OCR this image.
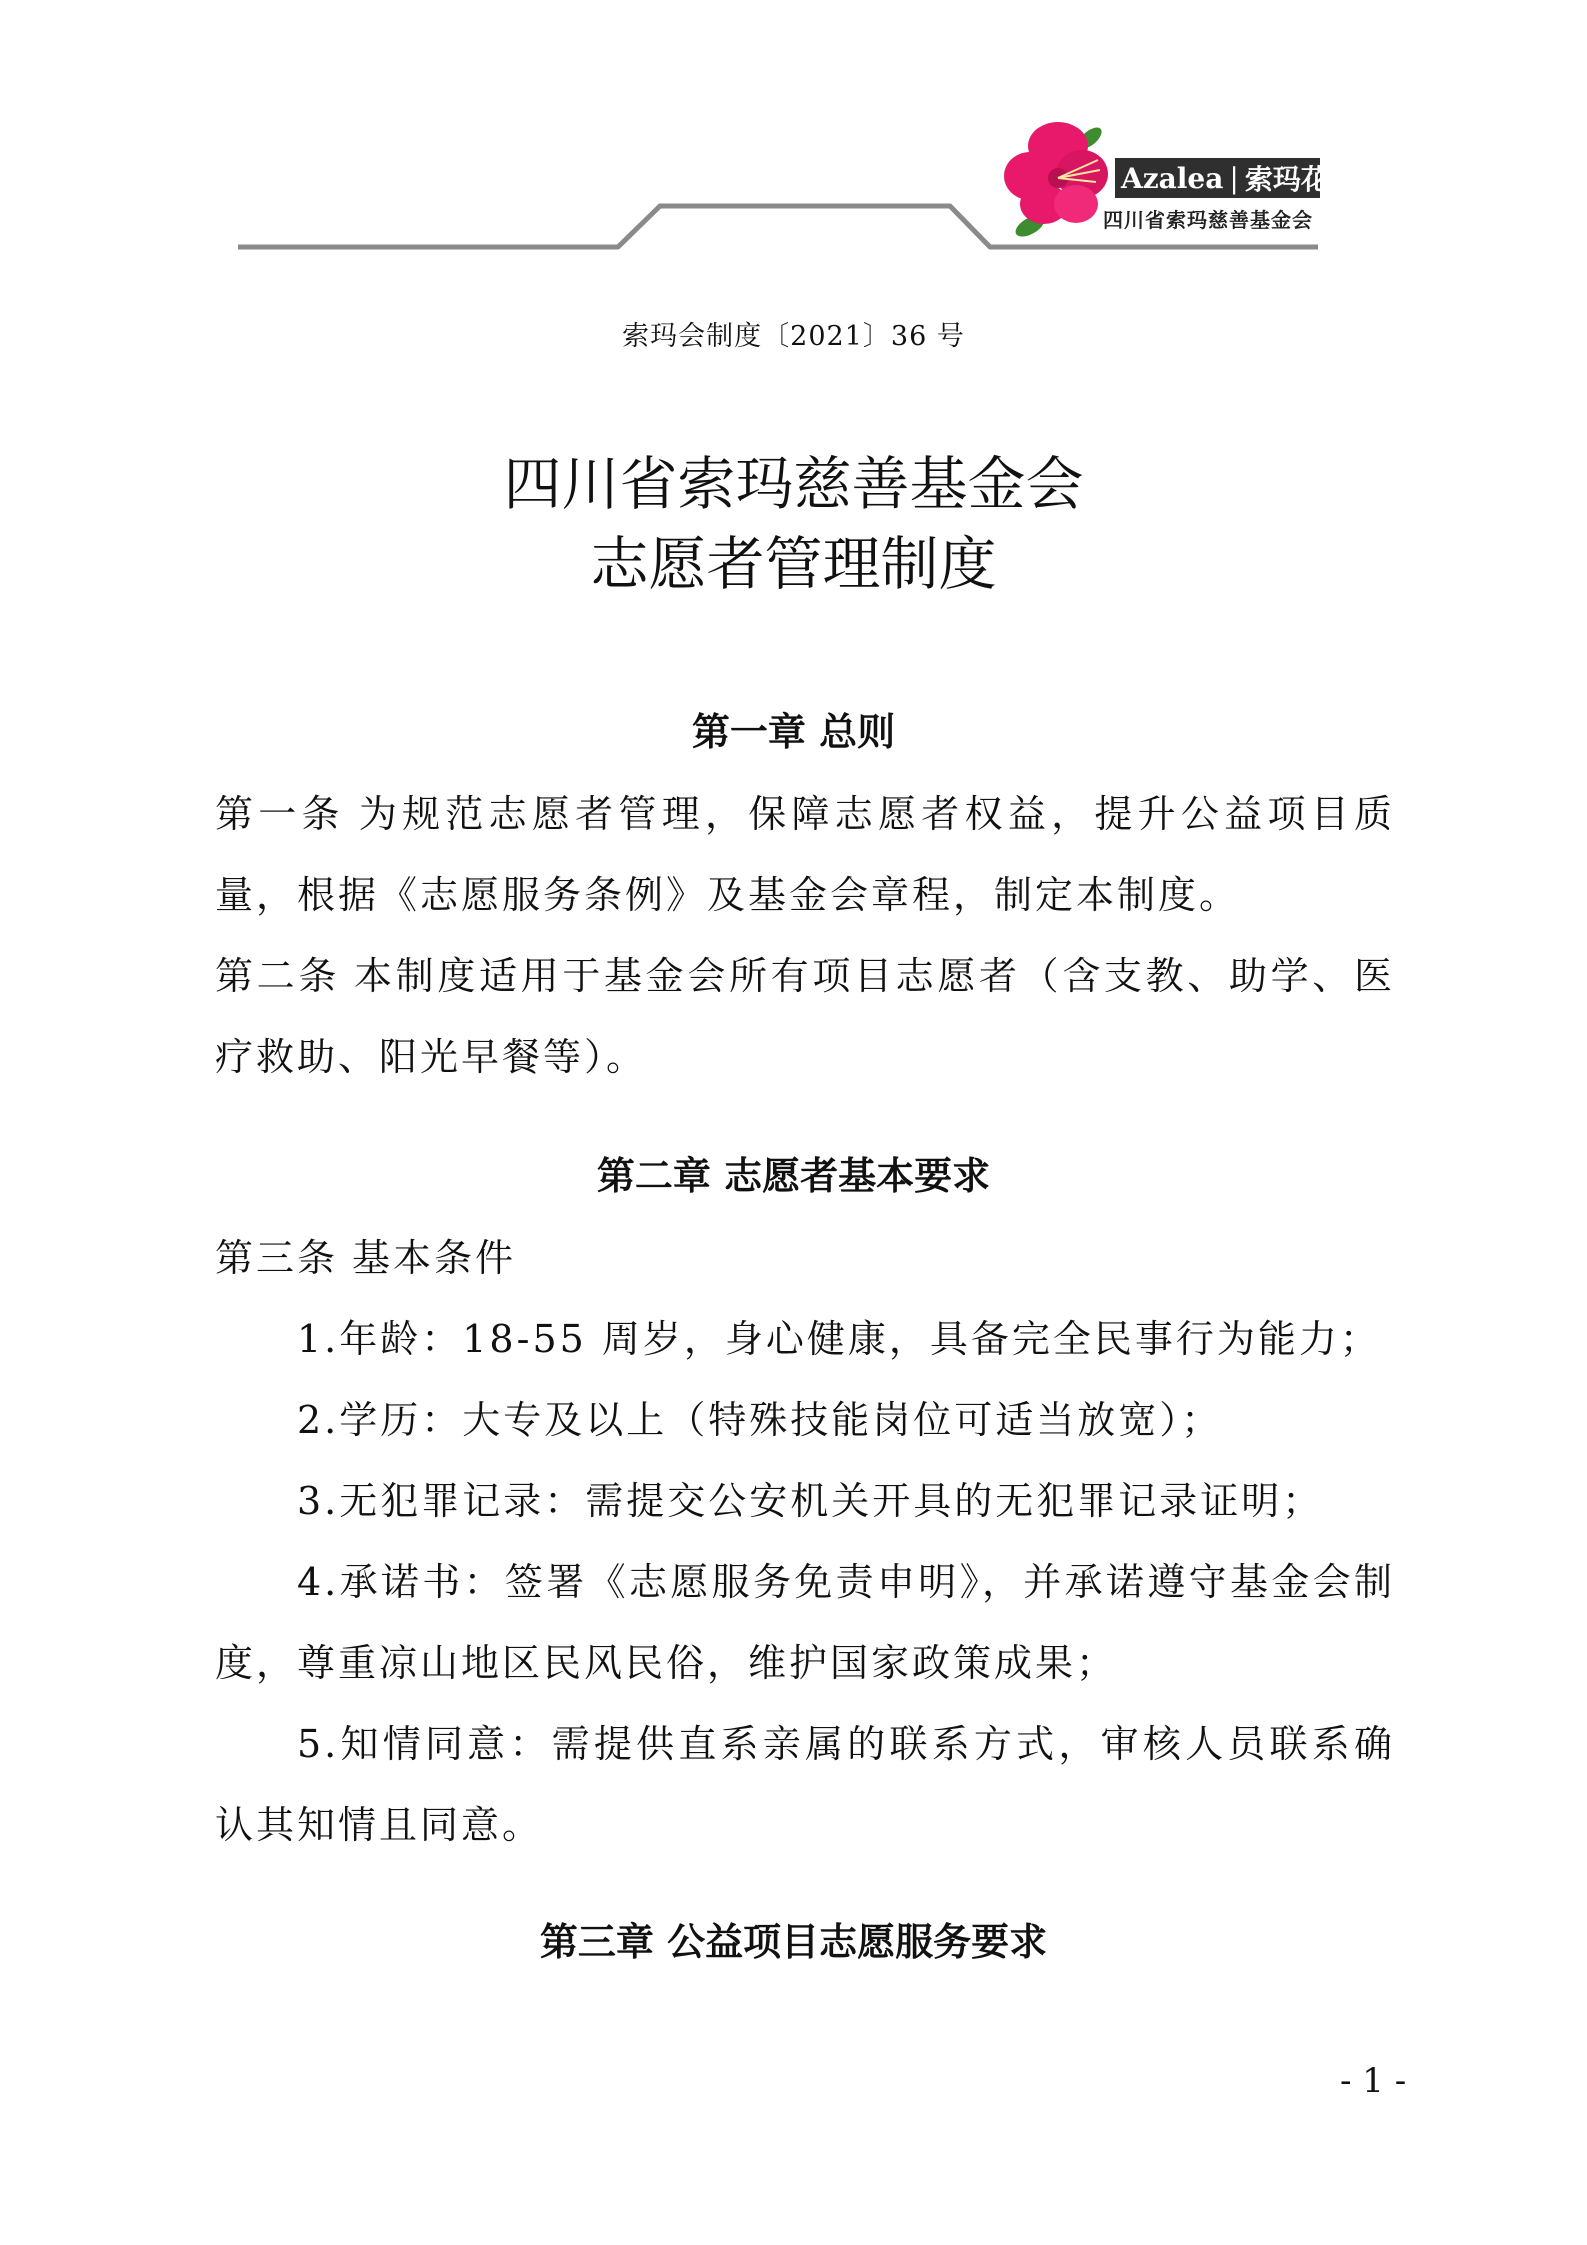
Azalea | 索玛花
四川省索玛慈善基金会
索玛会制度〔2021〕36 号
四川省索玛慈善基金会
志愿者管理制度
第一章 总则
第一条 为规范志愿者管理，保障志愿者权益，提升公益项目质量，根据《志愿服务条例》及基金会章程，制定本制度。
第二条 本制度适用于基金会所有项目志愿者（含支教、助学、医疗救助、阳光早餐等）。
第二章 志愿者基本要求
第三条 基本条件
1.年龄：18-55 周岁，身心健康，具备完全民事行为能力；
2.学历：大专及以上（特殊技能岗位可适当放宽）；
3.无犯罪记录：需提交公安机关开具的无犯罪记录证明；
4.承诺书：签署《志愿服务免责申明》，并承诺遵守基金会制度，尊重凉山地区民风民俗，维护国家政策成果；
5.知情同意：需提供直系亲属的联系方式，审核人员联系确认其知情且同意。
第三章 公益项目志愿服务要求
- 1 -
